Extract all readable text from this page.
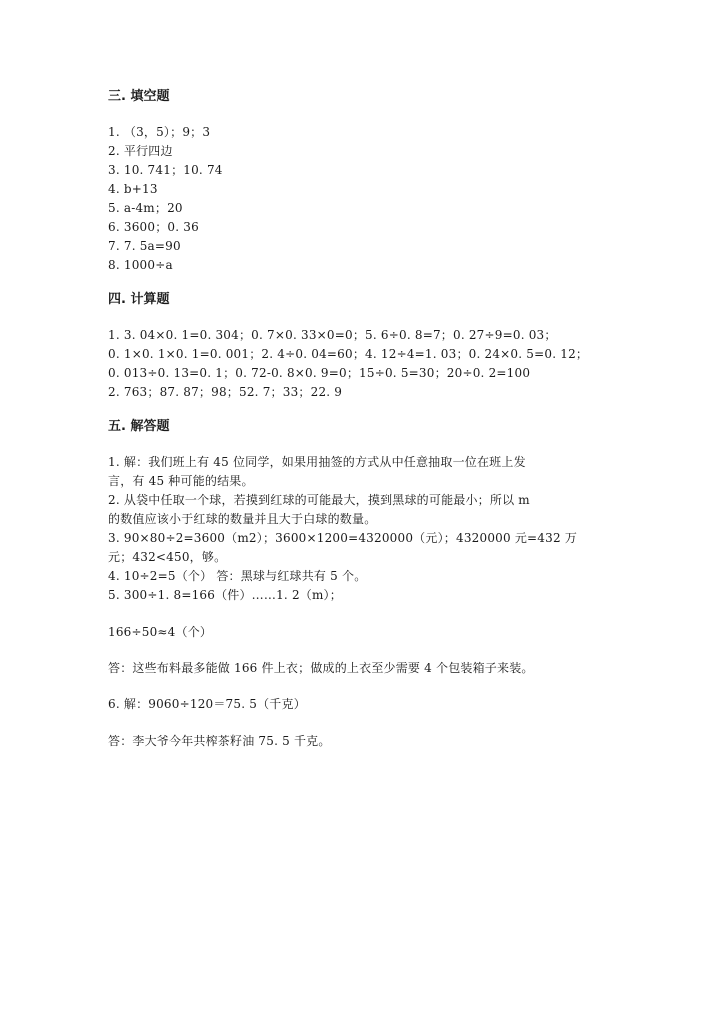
三. 填空题

1. （3，5）；9；3

2. 平行四边

3. 10. 741；10. 74

4. b+13

5. a-4m；20

6. 3600；0. 36

7. 7. 5a=90

8. 1000÷a

四. 计算题

1. 3. 04×0. 1=0. 304；0. 7×0. 33×0=0；5. 6÷0. 8=7；0. 27÷9=0. 03；

0. 1×0. 1×0. 1=0. 001；2. 4÷0. 04=60；4. 12÷4=1. 03；0. 24×0. 5=0. 12；

0. 013÷0. 13=0. 1；0. 72-0. 8×0. 9=0；15÷0. 5=30；20÷0. 2=100

2. 763；87. 87；98；52. 7；33；22. 9

五. 解答题

1. 解：我们班上有 45 位同学，如果用抽签的方式从中任意抽取一位在班上发

言，有 45 种可能的结果。

2. 从袋中任取一个球，若摸到红球的可能最大，摸到黑球的可能最小；所以 m

的数值应该小于红球的数量并且大于白球的数量。

3. 90×80÷2=3600（m2）；3600×1200=4320000（元）；4320000 元=432 万

元；432<450，够。

4. 10÷2=5（个） 答：黑球与红球共有 5 个。

5. 300÷1. 8=166（件）……1. 2（m）；

166÷50≈4（个）

答：这些布料最多能做 166 件上衣；做成的上衣至少需要 4 个包装箱子来装。

6. 解：9060÷120＝75. 5（千克）

答：李大爷今年共榨茶籽油 75. 5 千克。
